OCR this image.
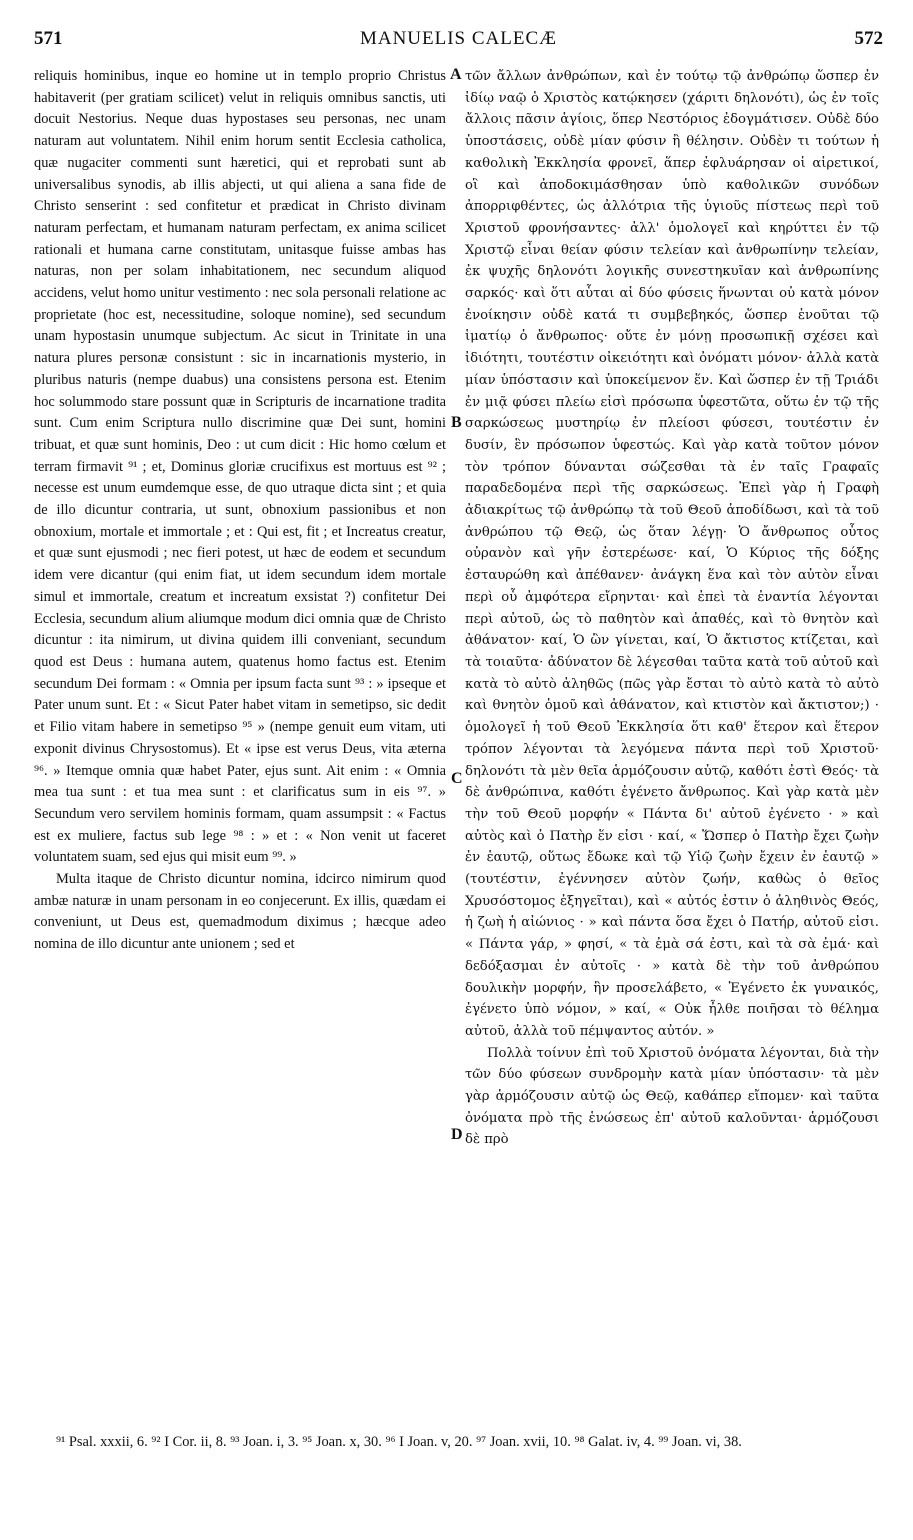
571	MANUELIS CALECÆ	572

reliquis hominibus, inque eo homine ut in templo proprio Christus habitaverit (per gratiam scilicet) velut in reliquis omnibus sanctis, uti docuit Nestorius. Neque duas hypostases seu personas, nec unam naturam aut voluntatem. Nihil enim horum sentit Ecclesia catholica, quæ nugaciter commenti sunt hæretici, qui et reprobati sunt ab universalibus synodis, ab illis abjecti, ut qui aliena a sana fide de Christo senserint : sed confitetur et prædicat in Christo divinam naturam perfectam, et humanam naturam perfectam, ex anima scilicet rationali et humana carne constitutam, unitasque fuisse ambas has naturas, non per solam inhabitationem, nec secundum aliquod accidens, velut homo unitur vestimento : nec sola personali relatione ac proprietate (hoc est, necessitudine, soloque nomine), sed secundum unam hypostasin unumque subjectum. Ac sicut in Trinitate in una natura plures personæ consistunt : sic in incarnationis mysterio, in pluribus naturis (nempe duabus) una consistens persona est. Etenim hoc solummodo stare possunt quæ in Scripturis de incarnatione tradita sunt. Cum enim Scriptura nullo discrimine quæ Dei sunt, homini tribuat, et quæ sunt hominis, Deo : ut cum dicit : Hic homo cœlum et terram firmavit ⁹¹ ; et, Dominus gloriæ crucifixus est mortuus est ⁹² ; necesse est unum eumdemque esse, de quo utraque dicta sint ; et quia de illo dicuntur contraria, ut sunt, obnoxium passionibus et non obnoxium, mortale et immortale ; et : Qui est, fit ; et Increatus creatur, et quæ sunt ejusmodi ; nec fieri potest, ut hæc de eodem et secundum idem vere dicantur (qui enim fiat, ut idem secundum idem mortale simul et immortale, creatum et increatum exsistat ?) confitetur Dei Ecclesia, secundum alium aliumque modum dici omnia quæ de Christo dicuntur : ita nimirum, ut divina quidem illi conveniant, secundum quod est Deus : humana autem, quatenus homo factus est. Etenim secundum Dei formam : « Omnia per ipsum facta sunt ⁹³ : » ipseque et Pater unum sunt. Et : « Sicut Pater habet vitam in semetipso, sic dedit et Filio vitam habere in semetipso ⁹⁵ » (nempe genuit eum vitam, uti exponit divinus Chrysostomus). Et « ipse est verus Deus, vita æterna ⁹⁶. » Itemque omnia quæ habet Pater, ejus sunt. Ait enim : « Omnia mea tua sunt : et tua mea sunt : et clarificatus sum in eis ⁹⁷. » Secundum vero servilem hominis formam, quam assumpsit : « Factus est ex muliere, factus sub lege ⁹⁸ : » et : « Non venit ut faceret voluntatem suam, sed ejus qui misit eum ⁹⁹. »

Multa itaque de Christo dicuntur nomina, idcirco nimirum quod ambæ naturæ in unam personam in eo conjecerunt. Ex illis, quædam ei conveniunt, ut Deus est, quemadmodum diximus ; hæcque adeo nomina de illo dicuntur ante unionem ; sed et

A
B
C
D

τῶν ἄλλων ἀνθρώπων, καὶ ἐν τούτῳ τῷ ἀνθρώπῳ ὥσπερ ἐν ἰδίῳ ναῷ ὁ Χριστὸς κατῴκησεν (χάριτι δηλονότι), ὡς ἐν τοῖς ἄλλοις πᾶσιν ἁγίοις, ὅπερ Νεστόριος ἐδογμάτισεν. Οὐδὲ δύο ὑποστάσεις, οὐδὲ μίαν φύσιν ἢ θέλησιν. Οὐδὲν τι τούτων ἡ καθολικὴ Ἐκκλησία φρονεῖ, ἅπερ ἐφλυάρησαν οἱ αἱρετικοί, οἳ καὶ ἀποδοκιμάσθησαν ὑπὸ καθολικῶν συνόδων ἀπορριφθέντες, ὡς ἀλλότρια τῆς ὑγιοῦς πίστεως περὶ τοῦ Χριστοῦ φρονήσαντες· ἀλλ' ὁμολογεῖ καὶ κηρύττει ἐν τῷ Χριστῷ εἶναι θείαν φύσιν τελείαν καὶ ἀνθρωπίνην τελείαν, ἐκ ψυχῆς δηλονότι λογικῆς συνεστηκυῖαν καὶ ἀνθρωπίνης σαρκός· καὶ ὅτι αὗται αἱ δύο φύσεις ἥνωνται οὐ κατὰ μόνον ἐνοίκησιν οὐδὲ κατά τι συμβεβηκός, ὥσπερ ἑνοῦται τῷ ἱματίῳ ὁ ἄνθρωπος· οὔτε ἐν μόνῃ προσωπικῇ σχέσει καὶ ἰδιότητι, τουτέστιν οἰκειότητι καὶ ὀνόματι μόνον· ἀλλὰ κατὰ μίαν ὑπόστασιν καὶ ὑποκείμενον ἕν. Καὶ ὥσπερ ἐν τῇ Τριάδι ἐν μιᾷ φύσει πλείω εἰσὶ πρόσωπα ὑφεστῶτα, οὕτω ἐν τῷ τῆς σαρκώσεως μυστηρίῳ ἐν πλείοσι φύσεσι, τουτέστιν ἐν δυσίν, ἓν πρόσωπον ὑφεστώς. Καὶ γὰρ κατὰ τοῦτον μόνον τὸν τρόπον δύνανται σώζεσθαι τὰ ἐν ταῖς Γραφαῖς παραδεδομένα περὶ τῆς σαρκώσεως. Ἐπεὶ γὰρ ἡ Γραφὴ ἀδιακρίτως τῷ ἀνθρώπῳ τὰ τοῦ Θεοῦ ἀποδίδωσι, καὶ τὰ τοῦ ἀνθρώπου τῷ Θεῷ, ὡς ὅταν λέγῃ· Ὁ ἄνθρωπος οὗτος οὐρανὸν καὶ γῆν ἐστερέωσε· καί, Ὁ Κύριος τῆς δόξης ἐσταυρώθη καὶ ἀπέθανεν· ἀνάγκη ἕνα καὶ τὸν αὐτὸν εἶναι περὶ οὗ ἀμφότερα εἴρηνται· καὶ ἐπεὶ τὰ ἐναντία λέγονται περὶ αὐτοῦ, ὡς τὸ παθητὸν καὶ ἀπαθές, καὶ τὸ θνητὸν καὶ ἀθάνατον· καί, Ὁ ὢν γίνεται, καί, Ὁ ἄκτιστος κτίζεται, καὶ τὰ τοιαῦτα· ἀδύνατον δὲ λέγεσθαι ταῦτα κατὰ τοῦ αὐτοῦ καὶ κατὰ τὸ αὐτὸ ἀληθῶς (πῶς γὰρ ἔσται τὸ αὐτὸ κατὰ τὸ αὐτὸ καὶ θνητὸν ὁμοῦ καὶ ἀθάνατον, καὶ κτιστὸν καὶ ἄκτιστον;) · ὁμολογεῖ ἡ τοῦ Θεοῦ Ἐκκλησία ὅτι καθ' ἕτερον καὶ ἕτερον τρόπον λέγονται τὰ λεγόμενα πάντα περὶ τοῦ Χριστοῦ· δηλονότι τὰ μὲν θεῖα ἁρμόζουσιν αὐτῷ, καθότι ἐστὶ Θεός· τὰ δὲ ἀνθρώπινα, καθότι ἐγένετο ἄνθρωπος. Καὶ γὰρ κατὰ μὲν τὴν τοῦ Θεοῦ μορφήν « Πάντα δι' αὐτοῦ ἐγένετο · » καὶ αὐτὸς καὶ ὁ Πατὴρ ἕν εἰσι · καί, « Ὥσπερ ὁ Πατὴρ ἔχει ζωὴν ἐν ἑαυτῷ, οὕτως ἔδωκε καὶ τῷ Υἱῷ ζωὴν ἔχειν ἐν ἑαυτῷ » (τουτέστιν, ἐγέννησεν αὐτὸν ζωήν, καθὼς ὁ θεῖος Χρυσόστομος ἐξηγεῖται), καὶ « αὐτός ἐστιν ὁ ἀληθινὸς Θεός, ἡ ζωὴ ἡ αἰώνιος · » καὶ πάντα ὅσα ἔχει ὁ Πατήρ, αὐτοῦ εἰσι. « Πάντα γάρ, » φησί, « τὰ ἐμὰ σά ἐστι, καὶ τὰ σὰ ἐμά· καὶ δεδόξασμαι ἐν αὐτοῖς · » κατὰ δὲ τὴν τοῦ ἀνθρώπου δουλικὴν μορφήν, ἣν προσελάβετο, « Ἐγένετο ἐκ γυναικός, ἐγένετο ὑπὸ νόμον, » καί, « Οὐκ ἦλθε ποιῆσαι τὸ θέλημα αὐτοῦ, ἀλλὰ τοῦ πέμψαντος αὐτόν. »

Πολλὰ τοίνυν ἐπὶ τοῦ Χριστοῦ ὀνόματα λέγονται, διὰ τὴν τῶν δύο φύσεων συνδρομὴν κατὰ μίαν ὑπόστασιν· τὰ μὲν γὰρ ἁρμόζουσιν αὐτῷ ὡς Θεῷ, καθάπερ εἴπομεν· καὶ ταῦτα ὀνόματα πρὸ τῆς ἑνώσεως ἐπ' αὐτοῦ καλοῦνται· ἁρμόζουσι δὲ πρὸ

⁹¹ Psal. xxxii, 6. ⁹² I Cor. ii, 8. ⁹³ Joan. i, 3. ⁹⁵ Joan. x, 30. ⁹⁶ I Joan. v, 20. ⁹⁷ Joan. xvii, 10. ⁹⁸ Galat. iv, 4. ⁹⁹ Joan. vi, 38.
